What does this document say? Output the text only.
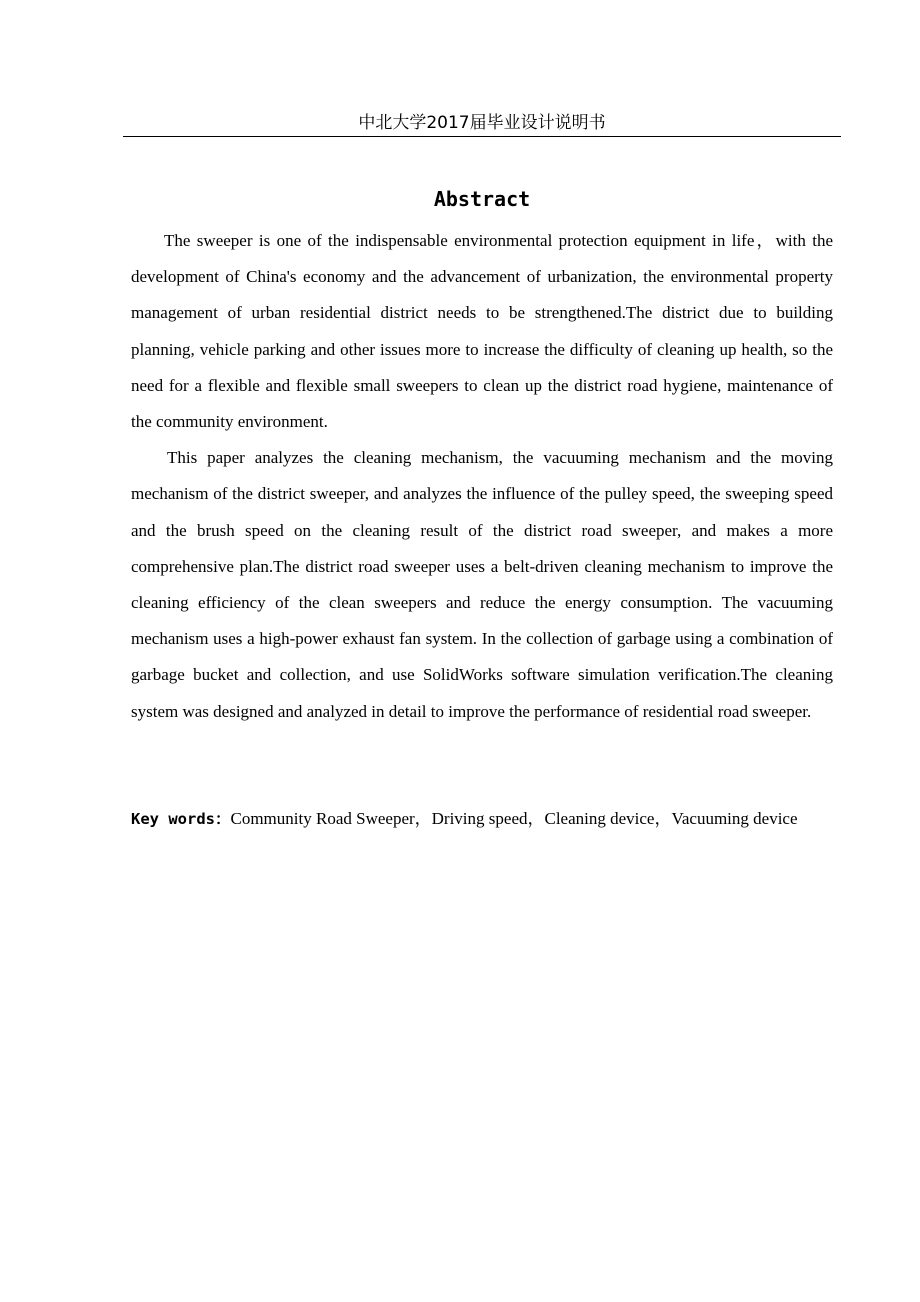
中北大学2017届毕业设计说明书
Abstract

The sweeper is one of the indispensable environmental protection equipment in life，with the development of China's economy and the advancement of urbanization, the environmental property management of urban residential district needs to be strengthened.The district due to building planning, vehicle parking and other issues more to increase the difficulty of cleaning up health, so the need for a flexible and flexible small sweepers to clean up the district road hygiene, maintenance of the community environment.

This paper analyzes the cleaning mechanism, the vacuuming mechanism and the moving mechanism of the district sweeper, and analyzes the influence of the pulley speed, the sweeping speed and the brush speed on the cleaning result of the district road sweeper, and makes a more comprehensive plan.The district road sweeper uses a belt-driven cleaning mechanism to improve the cleaning efficiency of the clean sweepers and reduce the energy consumption. The vacuuming mechanism uses a high-power exhaust fan system. In the collection of garbage using a combination of garbage bucket and collection, and use SolidWorks software simulation verification.The cleaning system was designed and analyzed in detail to improve the performance of residential road sweeper.

Key words：Community Road Sweeper，Driving speed，Cleaning device，Vacuuming device
